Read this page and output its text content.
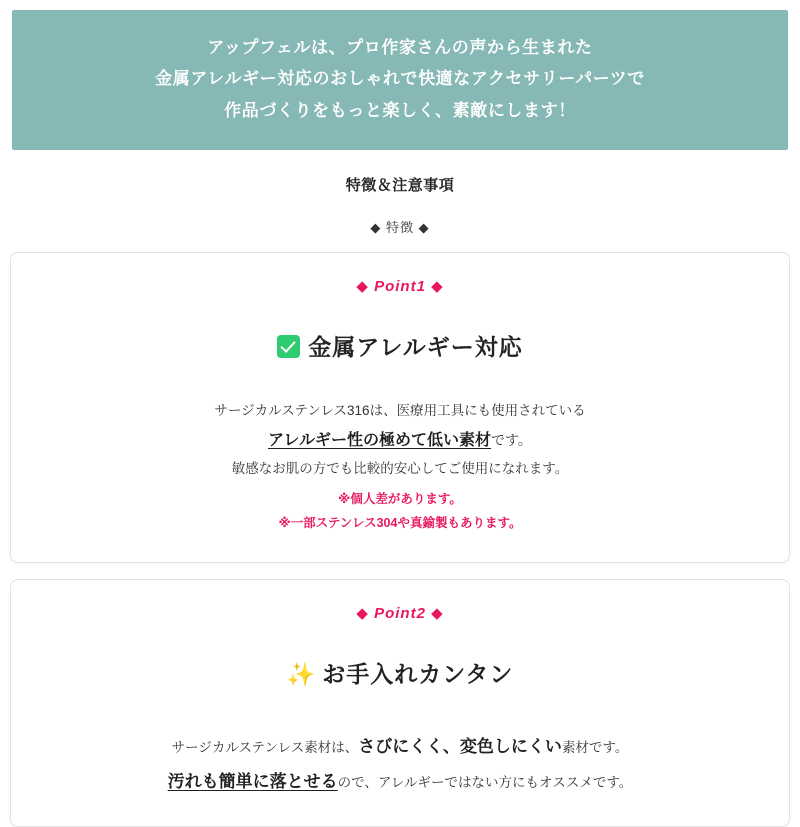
アップフェルは、プロ作家さんの声から生まれた
金属アレルギー対応のおしゃれで快適なアクセサリーパーツで
作品づくりをもっと楽しく、素敵にします！
特徴＆注意事項
◆ 特徴 ◆
◆ Point1 ◆
金属アレルギー対応
サージカルステンレス316は、医療用工具にも使用されている
アレルギー性の極めて低い素材です。
敏感なお肌の方でも比較的安心してご使用になれます。
※個人差があります。
※一部ステンレス304や真鍮製もあります。
◆ Point2 ◆
✨ お手入れカンタン
サージカルステンレス素材は、さびにくく、変色しにくい素材です。
汚れも簡単に落とせるので、アレルギーではない方にもオススメです。
